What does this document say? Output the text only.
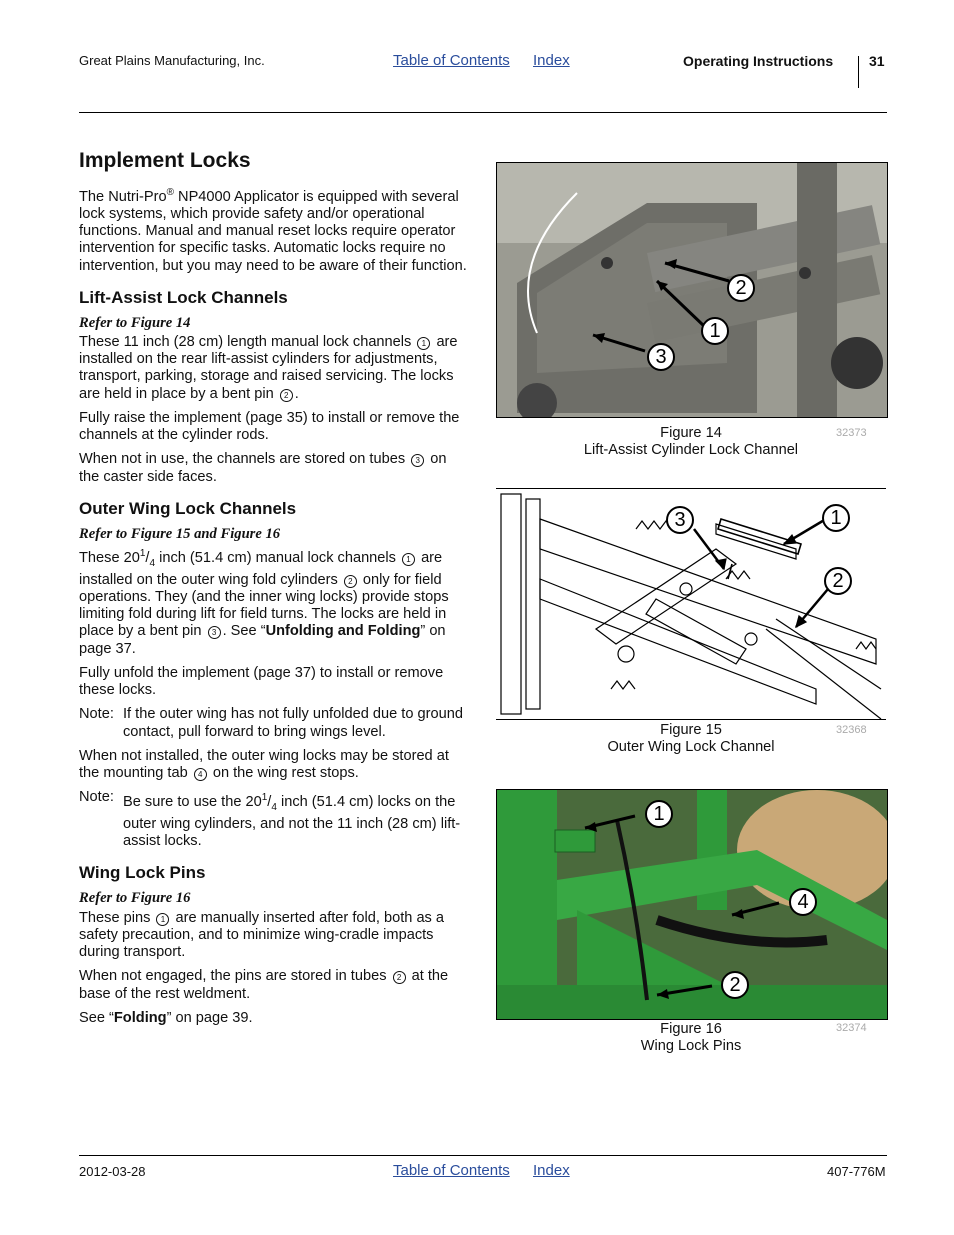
Great Plains Manufacturing, Inc.	Table of Contents Index	Operating Instructions	31
Implement Locks

The Nutri-Pro® NP4000 Applicator is equipped with several lock systems, which provide safety and/or operational functions. Manual and manual reset locks require operator intervention for specific tasks. Automatic locks require no intervention, but you may need to be aware of their function.

Lift-Assist Lock Channels

Refer to Figure 14

These 11 inch (28 cm) length manual lock channels 1 are installed on the rear lift-assist cylinders for adjustments, transport, parking, storage and raised servicing. The locks are held in place by a bent pin 2 .

Fully raise the implement (page 35) to install or remove the channels at the cylinder rods.

When not in use, the channels are stored on tubes 3 on the caster side faces.

Outer Wing Lock Channels

Refer to Figure 15 and Figure 16

These $20^1/_4$ inch (51.4 cm) manual lock channels 1 are installed on the outer wing fold cylinders 2 only for field operations. They (and the inner wing locks) provide stops limiting fold during lift for field turns. The locks are held in place by a bent pin 3 . See “Unfolding and Folding” on page 37.

Fully unfold the implement (page 37) to install or remove these locks.

Note: If the outer wing has not fully unfolded due to ground contact, pull forward to bring wings level.

When not installed, the outer wing locks may be stored at the mounting tab 4 on the wing rest stops.

Note: Be sure to use the $20^1/_4$ inch (51.4 cm) locks on the outer wing cylinders, and not the 11 inch (28 cm) lift-assist locks.

Wing Lock Pins

Refer to Figure 16

These pins 1 are manually inserted after fold, both as a safety precaution, and to minimize wing-cradle impacts during transport.

When not engaged, the pins are stored in tubes 2 at the base of the rest weldment.

See “Folding” on page 39.

2
1
3
Figure 14
Lift-Assist Cylinder Lock Channel
32373
3	1
2
Figure 15
Outer Wing Lock Channel
32368
1
4
2
Figure 16
Wing Lock Pins
32374
2012-03-28	Table of Contents Index	407-776M
